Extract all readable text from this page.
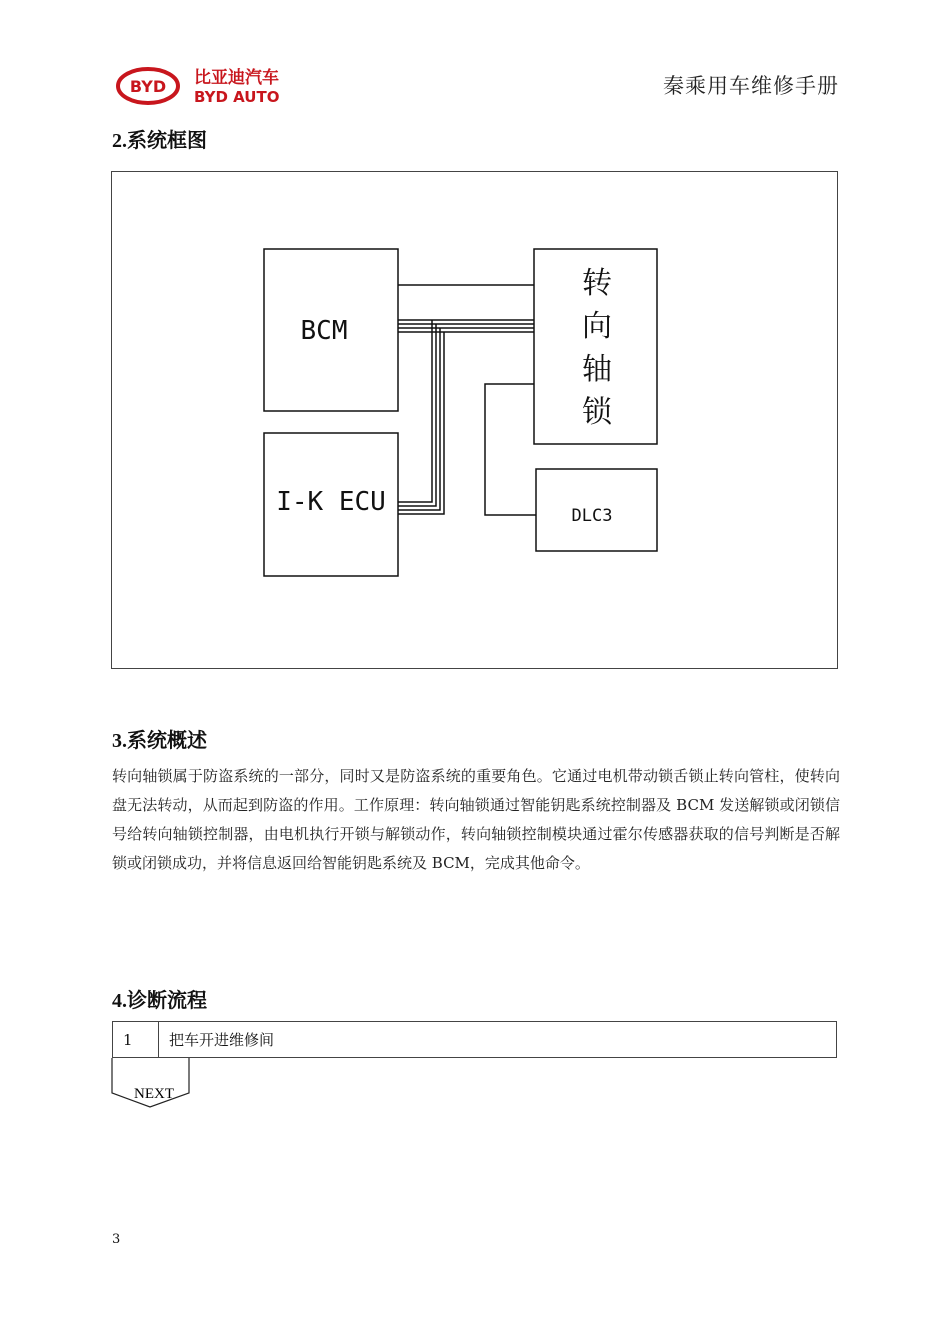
BYD 比亚迪汽车
BYD AUTO	秦乘用车维修手册
2.系统框图
BCM
I-K ECU
转
向
轴
锁
DLC3
3.系统概述
转向轴锁属于防盗系统的一部分，同时又是防盗系统的重要角色。它通过电机带动锁舌锁止转向管柱，使转向盘无法转动，从而起到防盗的作用。工作原理：转向轴锁通过智能钥匙系统控制器及 BCM 发送解锁或闭锁信号给转向轴锁控制器，由电机执行开锁与解锁动作，转向轴锁控制模块通过霍尔传感器获取的信号判断是否解锁或闭锁成功，并将信息返回给智能钥匙系统及 BCM，完成其他命令。
4.诊断流程
1	把车开进维修间
NEXT
3
